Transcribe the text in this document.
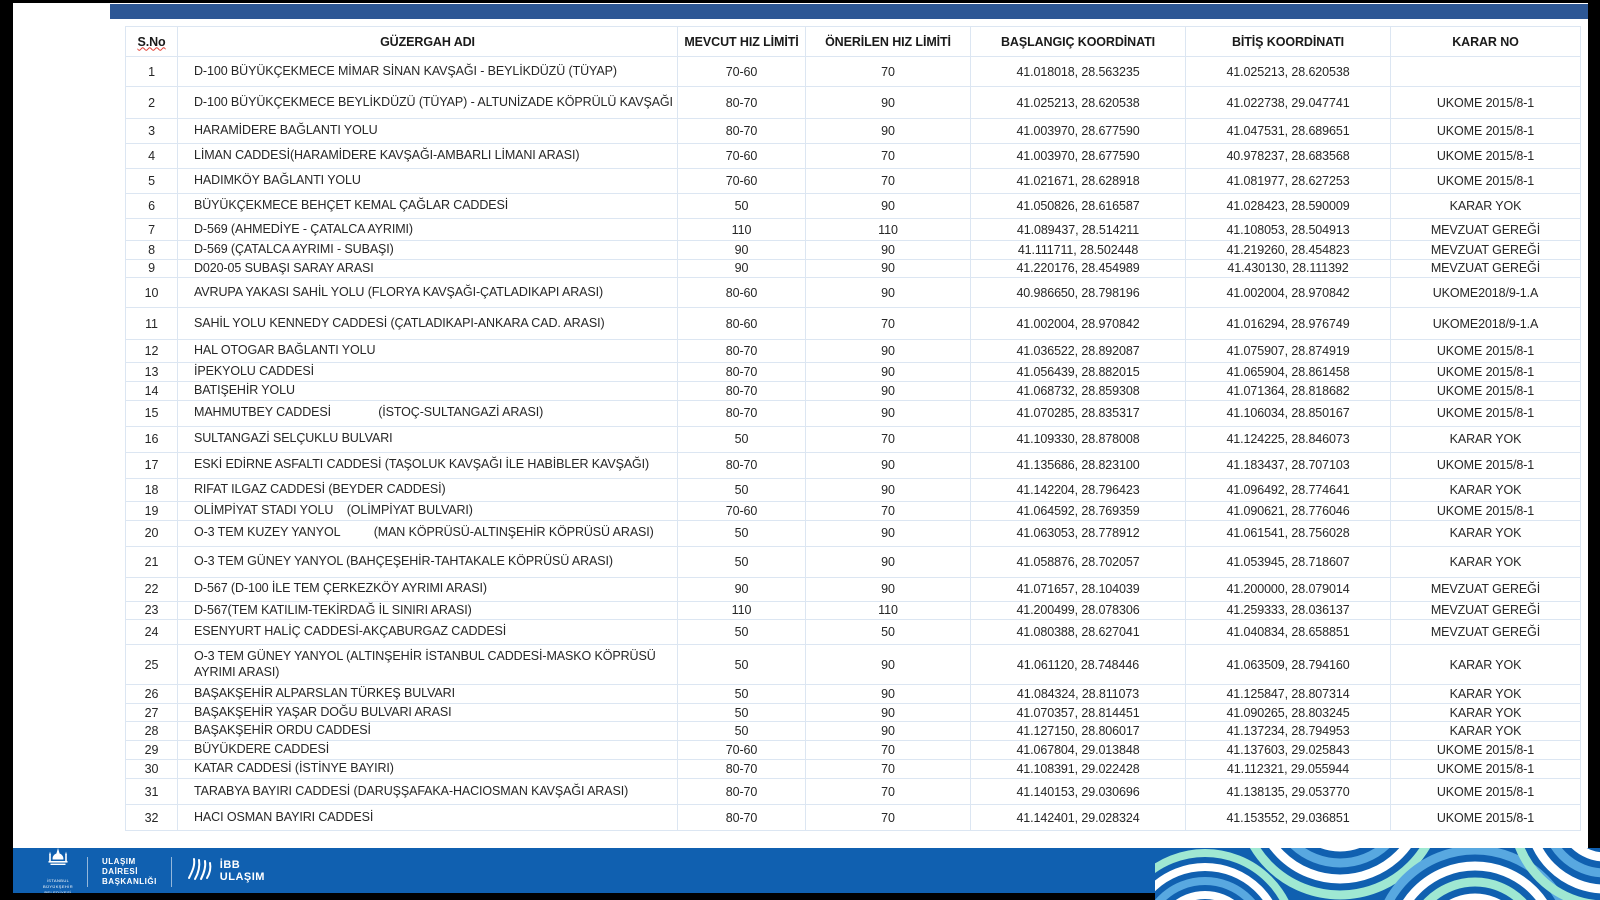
S.No	GÜZERGAH ADI	MEVCUT HIZ LİMİTİ	ÖNERİLEN HIZ LİMİTİ	BAŞLANGIÇ KOORDİNATI	BİTİŞ KOORDİNATI	KARAR NO
1	D-100 BÜYÜKÇEKMECE MİMAR SİNAN KAVŞAĞI - BEYLİKDÜZÜ (TÜYAP)	70-60	70	41.018018, 28.563235	41.025213, 28.620538	
2	D-100 BÜYÜKÇEKMECE BEYLİKDÜZÜ (TÜYAP) - ALTUNİZADE KÖPRÜLÜ KAVŞAĞI	80-70	90	41.025213, 28.620538	41.022738, 29.047741	UKOME 2015/8-1
3	HARAMİDERE BAĞLANTI YOLU	80-70	90	41.003970, 28.677590	41.047531, 28.689651	UKOME 2015/8-1
4	LİMAN CADDESİ(HARAMİDERE KAVŞAĞI-AMBARLI LİMANI ARASI)	70-60	70	41.003970, 28.677590	40.978237, 28.683568	UKOME 2015/8-1
5	HADIMKÖY BAĞLANTI YOLU	70-60	70	41.021671, 28.628918	41.081977, 28.627253	UKOME 2015/8-1
6	BÜYÜKÇEKMECE BEHÇET KEMAL ÇAĞLAR CADDESİ	50	90	41.050826, 28.616587	41.028423, 28.590009	KARAR YOK
7	D-569 (AHMEDİYE - ÇATALCA AYRIMI)	110	110	41.089437, 28.514211	41.108053, 28.504913	MEVZUAT GEREĞİ
8	D-569 (ÇATALCA AYRIMI - SUBAŞI)	90	90	41.111711, 28.502448	41.219260, 28.454823	MEVZUAT GEREĞİ
9	D020-05 SUBAŞI SARAY ARASI	90	90	41.220176, 28.454989	41.430130, 28.111392	MEVZUAT GEREĞİ
10	AVRUPA YAKASI SAHİL YOLU (FLORYA KAVŞAĞI-ÇATLADIKAPI ARASI)	80-60	90	40.986650, 28.798196	41.002004, 28.970842	UKOME2018/9-1.A
11	SAHİL YOLU KENNEDY CADDESİ (ÇATLADIKAPI-ANKARA CAD. ARASI)	80-60	70	41.002004, 28.970842	41.016294, 28.976749	UKOME2018/9-1.A
12	HAL OTOGAR BAĞLANTI YOLU	80-70	90	41.036522, 28.892087	41.075907, 28.874919	UKOME 2015/8-1
13	İPEKYOLU CADDESİ	80-70	90	41.056439, 28.882015	41.065904, 28.861458	UKOME 2015/8-1
14	BATIŞEHİR YOLU	80-70	90	41.068732, 28.859308	41.071364, 28.818682	UKOME 2015/8-1
15	MAHMUTBEY CADDESİ              (İSTOÇ-SULTANGAZİ ARASI)	80-70	90	41.070285, 28.835317	41.106034, 28.850167	UKOME 2015/8-1
16	SULTANGAZİ SELÇUKLU BULVARI	50	70	41.109330, 28.878008	41.124225, 28.846073	KARAR YOK
17	ESKİ EDİRNE ASFALTI CADDESİ (TAŞOLUK KAVŞAĞI İLE HABİBLER KAVŞAĞI)	80-70	90	41.135686, 28.823100	41.183437, 28.707103	UKOME 2015/8-1
18	RIFAT ILGAZ CADDESİ (BEYDER CADDESİ)	50	90	41.142204, 28.796423	41.096492, 28.774641	KARAR YOK
19	OLİMPİYAT STADI YOLU    (OLİMPİYAT BULVARI)	70-60	70	41.064592, 28.769359	41.090621, 28.776046	UKOME 2015/8-1
20	O-3 TEM KUZEY YANYOL          (MAN KÖPRÜSÜ-ALTINŞEHİR KÖPRÜSÜ ARASI)	50	90	41.063053, 28.778912	41.061541, 28.756028	KARAR YOK
21	O-3 TEM GÜNEY YANYOL (BAHÇEŞEHİR-TAHTAKALE KÖPRÜSÜ ARASI)	50	90	41.058876, 28.702057	41.053945, 28.718607	KARAR YOK
22	D-567 (D-100 İLE TEM ÇERKEZKÖY AYRIMI ARASI)	90	90	41.071657, 28.104039	41.200000, 28.079014	MEVZUAT GEREĞİ
23	D-567(TEM KATILIM-TEKİRDAĞ İL SINIRI ARASI)	110	110	41.200499, 28.078306	41.259333, 28.036137	MEVZUAT GEREĞİ
24	ESENYURT HALİÇ CADDESİ-AKÇABURGAZ CADDESİ	50	50	41.080388, 28.627041	41.040834, 28.658851	MEVZUAT GEREĞİ
25	O-3 TEM GÜNEY YANYOL (ALTINŞEHİR İSTANBUL CADDESİ-MASKO KÖPRÜSÜ AYRIMI ARASI)	50	90	41.061120, 28.748446	41.063509, 28.794160	KARAR YOK
26	BAŞAKŞEHİR ALPARSLAN TÜRKEŞ BULVARI	50	90	41.084324, 28.811073	41.125847, 28.807314	KARAR YOK
27	BAŞAKŞEHİR YAŞAR DOĞU BULVARI ARASI	50	90	41.070357, 28.814451	41.090265, 28.803245	KARAR YOK
28	BAŞAKŞEHİR ORDU CADDESİ	50	90	41.127150, 28.806017	41.137234, 28.794953	KARAR YOK
29	BÜYÜKDERE CADDESİ	70-60	70	41.067804, 29.013848	41.137603, 29.025843	UKOME 2015/8-1
30	KATAR CADDESİ (İSTİNYE BAYIRI)	80-70	70	41.108391, 29.022428	41.112321, 29.055944	UKOME 2015/8-1
31	TARABYA BAYIRI CADDESİ (DARUŞŞAFAKA-HACIOSMAN KAVŞAĞI ARASI)	80-70	70	41.140153, 29.030696	41.138135, 29.053770	UKOME 2015/8-1
32	HACI OSMAN BAYIRI CADDESİ	80-70	70	41.142401, 29.028324	41.153552, 29.036851	UKOME 2015/8-1
İSTANBUL
BÜYÜKŞEHİR
ULAŞIM
DAİRESİ
BAŞKANLIĞI
İBB
ULAŞIM
